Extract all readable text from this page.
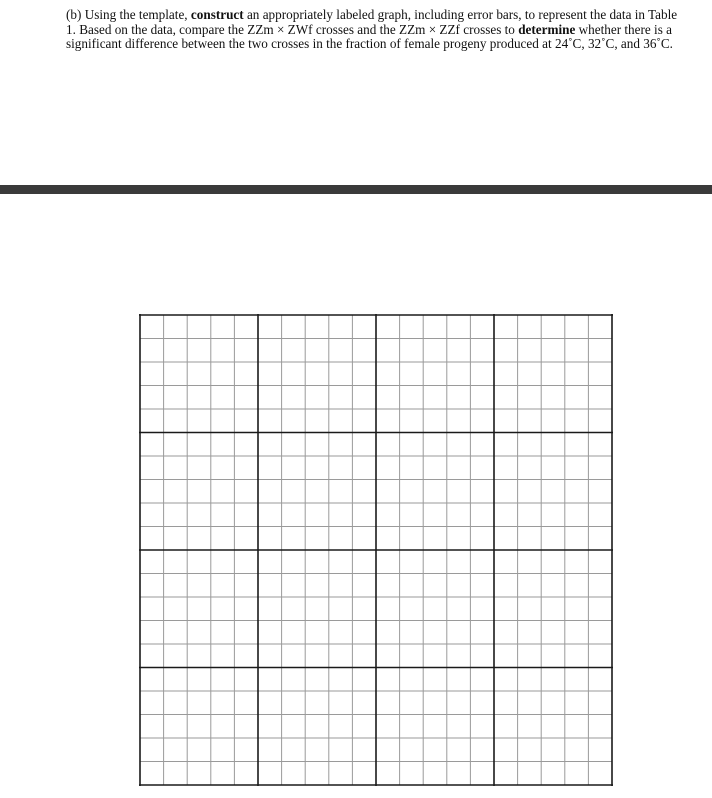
(b) Using the template, construct an appropriately labeled graph, including error bars, to represent the data in Table 1. Based on the data, compare the ZZm × ZWf crosses and the ZZm × ZZf crosses to determine whether there is a significant difference between the two crosses in the fraction of female progeny produced at 24˚C, 32˚C, and 36˚C.
